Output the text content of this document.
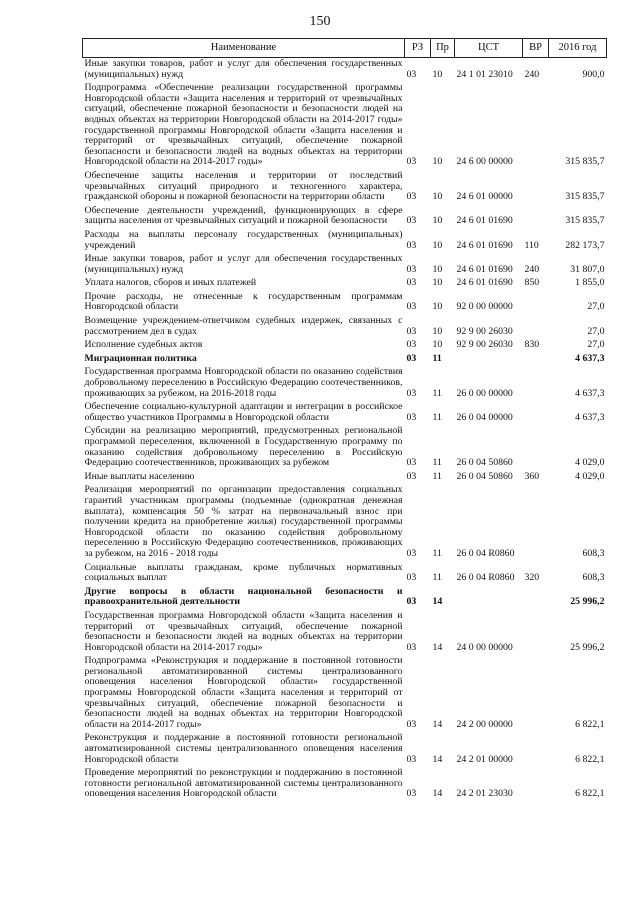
150
Наименование	РЗ	Пр	ЦСТ	ВР	2016 год
Иные закупки товаров, работ и услуг для обеспечения государственных (муниципальных) нужд	03	10	24 1 01 23010	240	900,0
Подпрограмма «Обеспечение реализации государственной программы Новгородской области «Защита населения и территорий от чрезвычайных ситуаций, обеспечение пожарной безопасности и безопасности людей на водных объектах на территории Новгородской области на 2014-2017 годы» государственной программы Новгородской области «Защита населения и территорий от чрезвычайных ситуаций, обеспечение пожарной безопасности и безопасности людей на водных объектах на территории Новгородской области на 2014-2017 годы»	03	10	24 6 00 00000		315 835,7
Обеспечение защиты населения и территории от последствий чрезвычайных ситуаций природного и техногенного характера, гражданской обороны и пожарной безопасности на территории области	03	10	24 6 01 00000		315 835,7
Обеспечение деятельности учреждений, функционирующих в сфере защиты населения от чрезвычайных ситуаций и пожарной безопасности	03	10	24 6 01 01690		315 835,7
Расходы на выплаты персоналу государственных (муниципальных) учреждений	03	10	24 6 01 01690	110	282 173,7
Иные закупки товаров, работ и услуг для обеспечения государственных (муниципальных) нужд	03	10	24 6 01 01690	240	31 807,0
Уплата налогов, сборов и иных платежей	03	10	24 6 01 01690	850	1 855,0
Прочие расходы, не отнесенные к государственным программам Новгородской области	03	10	92 0 00 00000		27,0
Возмещение учреждением-ответчиком судебных издержек, связанных с рассмотрением дел в судах	03	10	92 9 00 26030		27,0
Исполнение судебных актов	03	10	92 9 00 26030	830	27,0
Миграционная политика	03	11			4 637,3
Государственная программа Новгородской области по оказанию содействия добровольному переселению в Российскую Федерацию соотечественников, проживающих за рубежом, на 2016-2018 годы	03	11	26 0 00 00000		4 637,3
Обеспечение социально-культурной адаптации и интеграции в российское общество участников Программы в Новгородской области	03	11	26 0 04 00000		4 637,3
Субсидии на реализацию мероприятий, предусмотренных региональной программой переселения, включенной в Государственную программу по оказанию содействия добровольному переселению в Российскую Федерацию соотечественников, проживающих за рубежом	03	11	26 0 04 50860		4 029,0
Иные выплаты населению	03	11	26 0 04 50860	360	4 029,0
Реализация мероприятий по организации предоставления социальных гарантий участникам программы (подъемные (однократная денежная выплата), компенсация 50 % затрат на первоначальный взнос при получении кредита на приобретение жилья) государственной программы Новгородской области по оказанию содействия добровольному переселению в Российскую Федерацию соотечественников, проживающих за рубежом, на 2016 - 2018 годы	03	11	26 0 04 R0860		608,3
Социальные выплаты гражданам, кроме публичных нормативных социальных выплат	03	11	26 0 04 R0860	320	608,3
Другие вопросы в области национальной безопасности и правоохранительной деятельности	03	14			25 996,2
Государственная программа Новгородской области «Защита населения и территорий от чрезвычайных ситуаций, обеспечение пожарной безопасности и безопасности людей на водных объектах на территории Новгородской области на 2014-2017 годы»	03	14	24 0 00 00000		25 996,2
Подпрограмма «Реконструкция и поддержание в постоянной готовности региональной автоматизированной системы централизованного оповещения населения Новгородской области» государственной программы Новгородской области «Защита населения и территорий от чрезвычайных ситуаций, обеспечение пожарной безопасности и безопасности людей на водных объектах на территории Новгородской области на 2014-2017 годы»	03	14	24 2 00 00000		6 822,1
Реконструкция и поддержание в постоянной готовности региональной автоматизированной системы централизованного оповещения населения Новгородской области	03	14	24 2 01 00000		6 822,1
Проведение мероприятий по реконструкции и поддержанию в постоянной готовности региональной автоматизированной системы централизованного оповещения населения Новгородской области	03	14	24 2 01 23030		6 822,1
